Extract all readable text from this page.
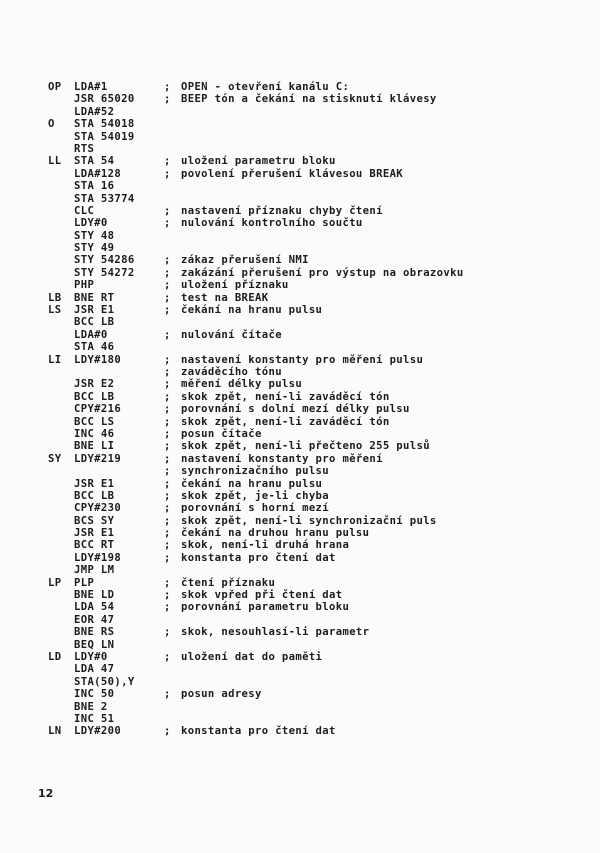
OP LDA#1	; OPEN - otevření kanálu C:
JSR 65020	; BEEP tón a čekání na stisknutí klávesy
LDA#52
O STA 54018
STA 54019
RTS
LL STA 54	; uložení parametru bloku
LDA#128	; povolení přerušení klávesou BREAK
STA 16
STA 53774
CLC	; nastavení příznaku chyby čtení
LDY#0	; nulování kontrolního součtu
STY 48
STY 49
STY 54286	; zákaz přerušení NMI
STY 54272	; zakázání přerušení pro výstup na obrazovku
PHP	; uložení příznaku
LB BNE RT	; test na BREAK
LS JSR E1	; čekání na hranu pulsu
BCC LB
LDA#0	; nulování čítače
STA 46
LI LDY#180	; nastavení konstanty pro měření pulsu
; zaváděcího tónu
JSR E2	; měření délky pulsu
BCC LB	; skok zpět, není-li zaváděcí tón
CPY#216	; porovnání s dolní mezí délky pulsu
BCC LS	; skok zpět, není-li zaváděcí tón
INC 46	; posun čítače
BNE LI	; skok zpět, není-li přečteno 255 pulsů
SY LDY#219	; nastavení konstanty pro měření
; synchronizačního pulsu
JSR E1	; čekání na hranu pulsu
BCC LB	; skok zpět, je-li chyba
CPY#230	; porovnání s horní mezí
BCS SY	; skok zpět, není-li synchronizační puls
JSR E1	; čekání na druhou hranu pulsu
BCC RT	; skok, není-li druhá hrana
LDY#198	; konstanta pro čtení dat
JMP LM
LP PLP	; čtení příznaku
BNE LD	; skok vpřed při čtení dat
LDA 54	; porovnání parametru bloku
EOR 47
BNE RS	; skok, nesouhlasí-li parametr
BEQ LN
LD LDY#0	; uložení dat do paměti
LDA 47
STA(50),Y
INC 50	; posun adresy
BNE 2
INC 51
LN LDY#200	; konstanta pro čtení dat
12
